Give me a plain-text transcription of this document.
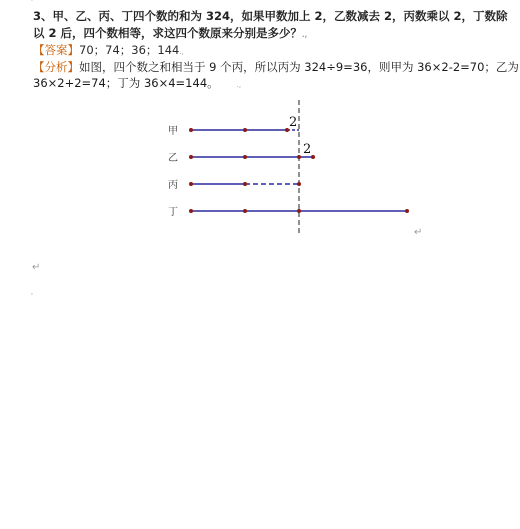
'
3、甲、乙、丙、丁四个数的和为 324，如果甲数加上 2，乙数减去 2，丙数乘以 2，丁数除
以 2 后，四个数相等，求这四个数原来分别是多少？.,
【答案】70；74；36；144.,
【分析】如图，四个数之和相当于 9 个丙，所以丙为 324÷9=36，则甲为 36×2-2=70；乙为
36×2+2=74；丁为 36×4=144。	.,
甲
乙
丙
丁
2
2
↵
↵
'
